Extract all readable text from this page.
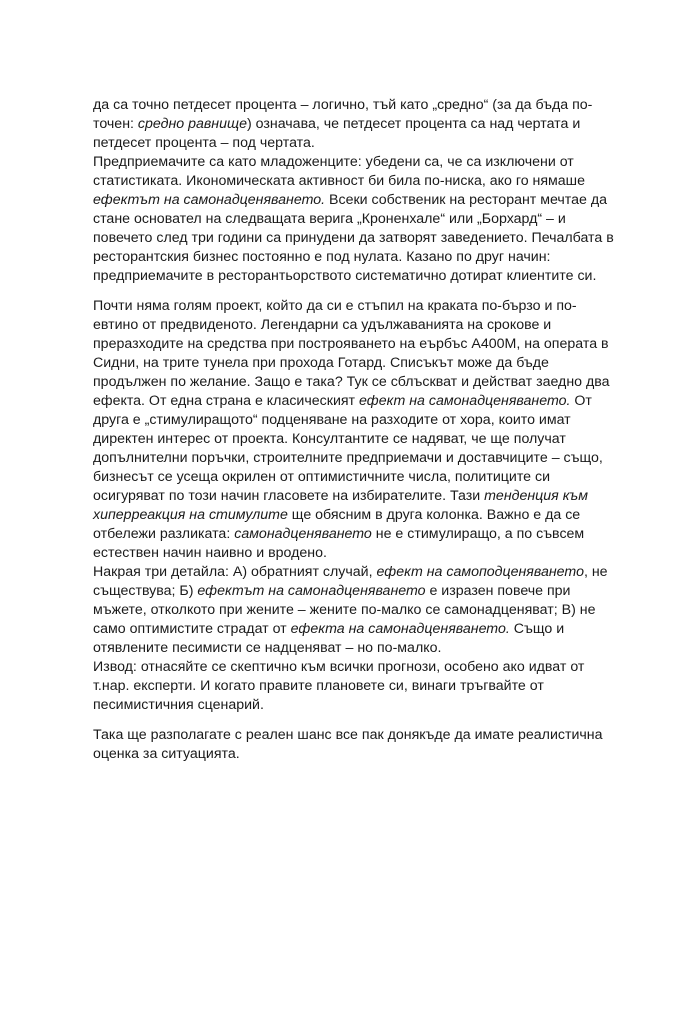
да са точно петдесет процента – логично, тъй като „средно“ (за да бъда по-точен: средно равнище) означава, че петдесет процента са над чертата и петдесет процента – под чертата.

Предприемачите са като младоженците: убедени са, че са изключени от статистиката. Икономическата активност би била по-ниска, ако го нямаше ефектът на самонадценяването. Всеки собственик на ресторант мечтае да стане основател на следващата верига „Кроненхале“ или „Борхард“ – и повечето след три години са принудени да затворят заведението. Печалбата в ресторантския бизнес постоянно е под нулата. Казано по друг начин: предприемачите в ресторантьорството систематично дотират клиентите си.

Почти няма голям проект, който да си е стъпил на краката по-бързо и по-евтино от предвиденото. Легендарни са удължаванията на срокове и преразходите на средства при построяването на еърбъс А400М, на операта в Сидни, на трите тунела при прохода Готард. Списъкът може да бъде продължен по желание. Защо е така? Тук се сблъскват и действат заедно два ефекта. От една страна е класическият ефект на самонадценяването. От друга е „стимулиращото“ подценяване на разходите от хора, които имат директен интерес от проекта. Консултантите се надяват, че ще получат допълнителни поръчки, строителните предприемачи и доставчиците – също, бизнесът се усеща окрилен от оптимистичните числа, политиците си осигуряват по този начин гласовете на избирателите. Тази тенденция към хиперреакция на стимулите ще обясним в друга колонка. Важно е да се отбележи разликата: самонадценяването не е стимулиращо, а по съвсем естествен начин наивно и вродено.

Накрая три детайла: А) обратният случай, ефект на самоподценяването, не съществува; Б) ефектът на самонадценяването е изразен повече при мъжете, отколкото при жените – жените по-малко се самонадценяват; В) не само оптимистите страдат от ефекта на самонадценяването. Също и отявлените песимисти се надценяват – но по-малко.

Извод: отнасяйте се скептично към всички прогнози, особено ако идват от т.нар. експерти. И когато правите плановете си, винаги тръгвайте от песимистичния сценарий.

Така ще разполагате с реален шанс все пак донякъде да имате реалистична оценка за ситуацията.
